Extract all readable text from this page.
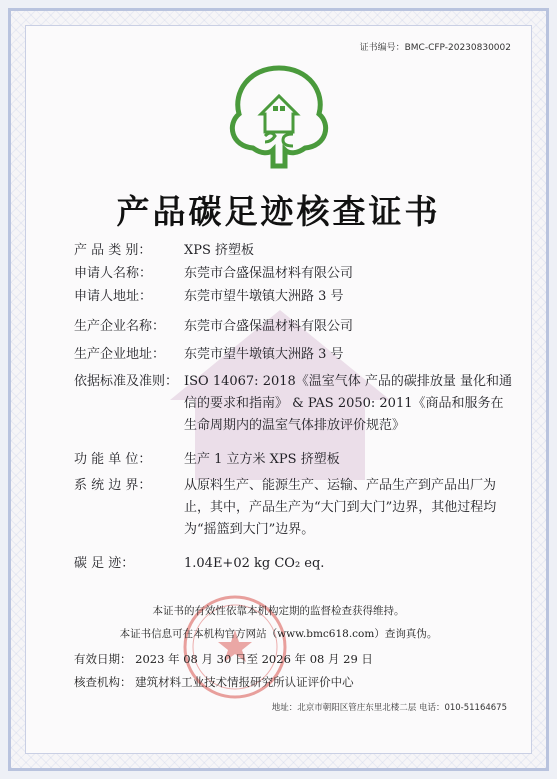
证书编号：BMC-CFP-20230830002
产品碳足迹核查证书
产 品 类 别：	XPS 挤塑板
申请人名称： 东莞市合盛保温材料有限公司
申请人地址： 东莞市望牛墩镇大洲路 3 号
生产企业名称： 东莞市合盛保温材料有限公司
生产企业地址： 东莞市望牛墩镇大洲路 3 号
依据标准及准则： ISO 14067: 2018《温室气体 产品的碳排放量 量化和通信的要求和指南》 & PAS 2050: 2011《商品和服务在生命周期内的温室气体排放评价规范》
功 能 单 位：	生产 1 立方米 XPS 挤塑板
系 统 边 界：	从原料生产、能源生产、运输、产品生产到产品出厂为止，其中，产品生产为“大门到大门”边界，其他过程均为“摇篮到大门”边界。
碳 足 迹：	1.04E+02 kg CO₂ eq.
本证书的有效性依靠本机构定期的监督检查获得维持。
本证书信息可在本机构官方网站（www.bmc618.com）查询真伪。
有效日期： 2023 年 08 月 30 日至 2026 年 08 月 29 日
核查机构： 建筑材料工业技术情报研究所认证评价中心
地址：北京市朝阳区管庄东里北楼二层 电话：010-51164675
